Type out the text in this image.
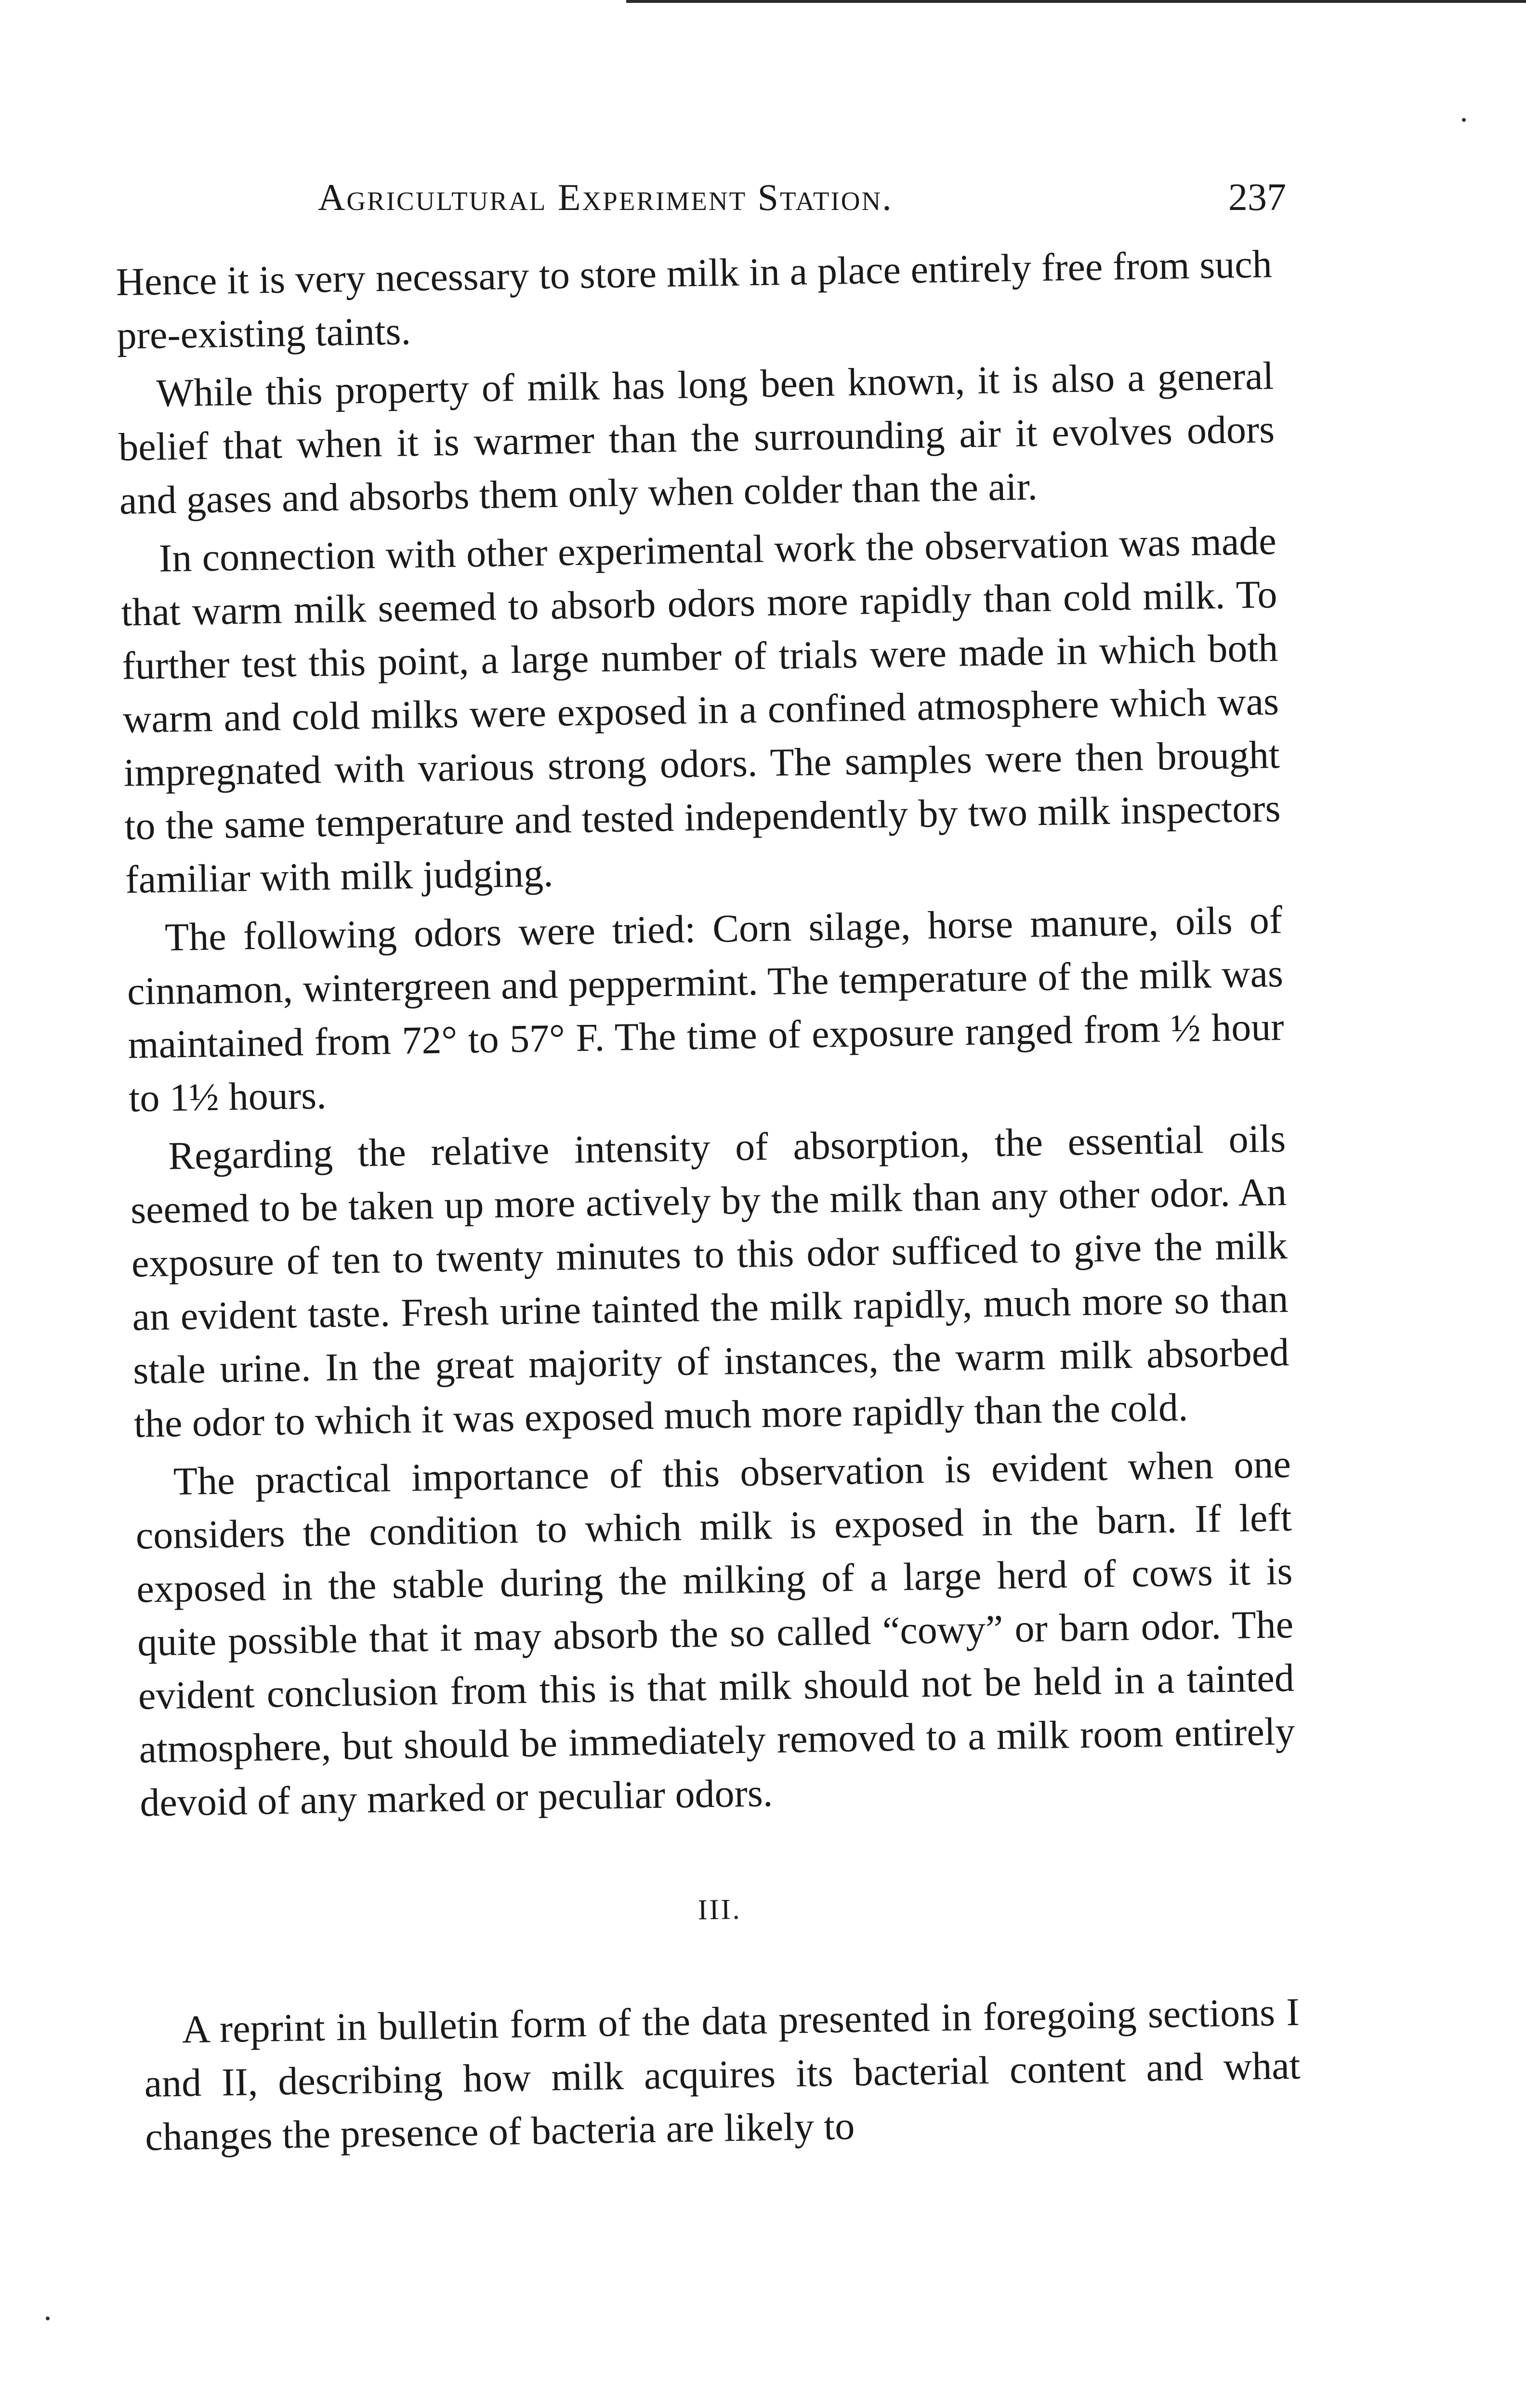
Agricultural Experiment Station.	237

Hence it is very necessary to store milk in a place entirely free from such pre-existing taints.

While this property of milk has long been known, it is also a general belief that when it is warmer than the surrounding air it evolves odors and gases and absorbs them only when colder than the air.

In connection with other experimental work the observation was made that warm milk seemed to absorb odors more rapidly than cold milk. To further test this point, a large number of trials were made in which both warm and cold milks were exposed in a confined atmosphere which was impregnated with various strong odors. The samples were then brought to the same temperature and tested independently by two milk inspectors familiar with milk judging.

The following odors were tried: Corn silage, horse manure, oils of cinnamon, wintergreen and peppermint. The temperature of the milk was maintained from 72° to 57° F. The time of exposure ranged from ½ hour to 1½ hours.

Regarding the relative intensity of absorption, the essential oils seemed to be taken up more actively by the milk than any other odor. An exposure of ten to twenty minutes to this odor sufficed to give the milk an evident taste. Fresh urine tainted the milk rapidly, much more so than stale urine. In the great majority of instances, the warm milk absorbed the odor to which it was exposed much more rapidly than the cold.

The practical importance of this observation is evident when one considers the condition to which milk is exposed in the barn. If left exposed in the stable during the milking of a large herd of cows it is quite possible that it may absorb the so called “cowy” or barn odor. The evident conclusion from this is that milk should not be held in a tainted atmosphere, but should be immediately removed to a milk room entirely devoid of any marked or peculiar odors.

III.

A reprint in bulletin form of the data presented in foregoing sections I and II, describing how milk acquires its bacterial content and what changes the presence of bacteria are likely to
